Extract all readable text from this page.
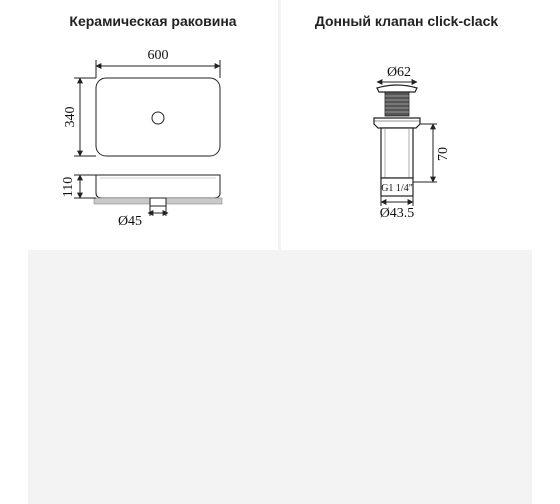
Керамическая раковина
600
340
110
Ø45
Донный клапан click-clack
Ø62
G1 1/4"
70
Ø43.5
